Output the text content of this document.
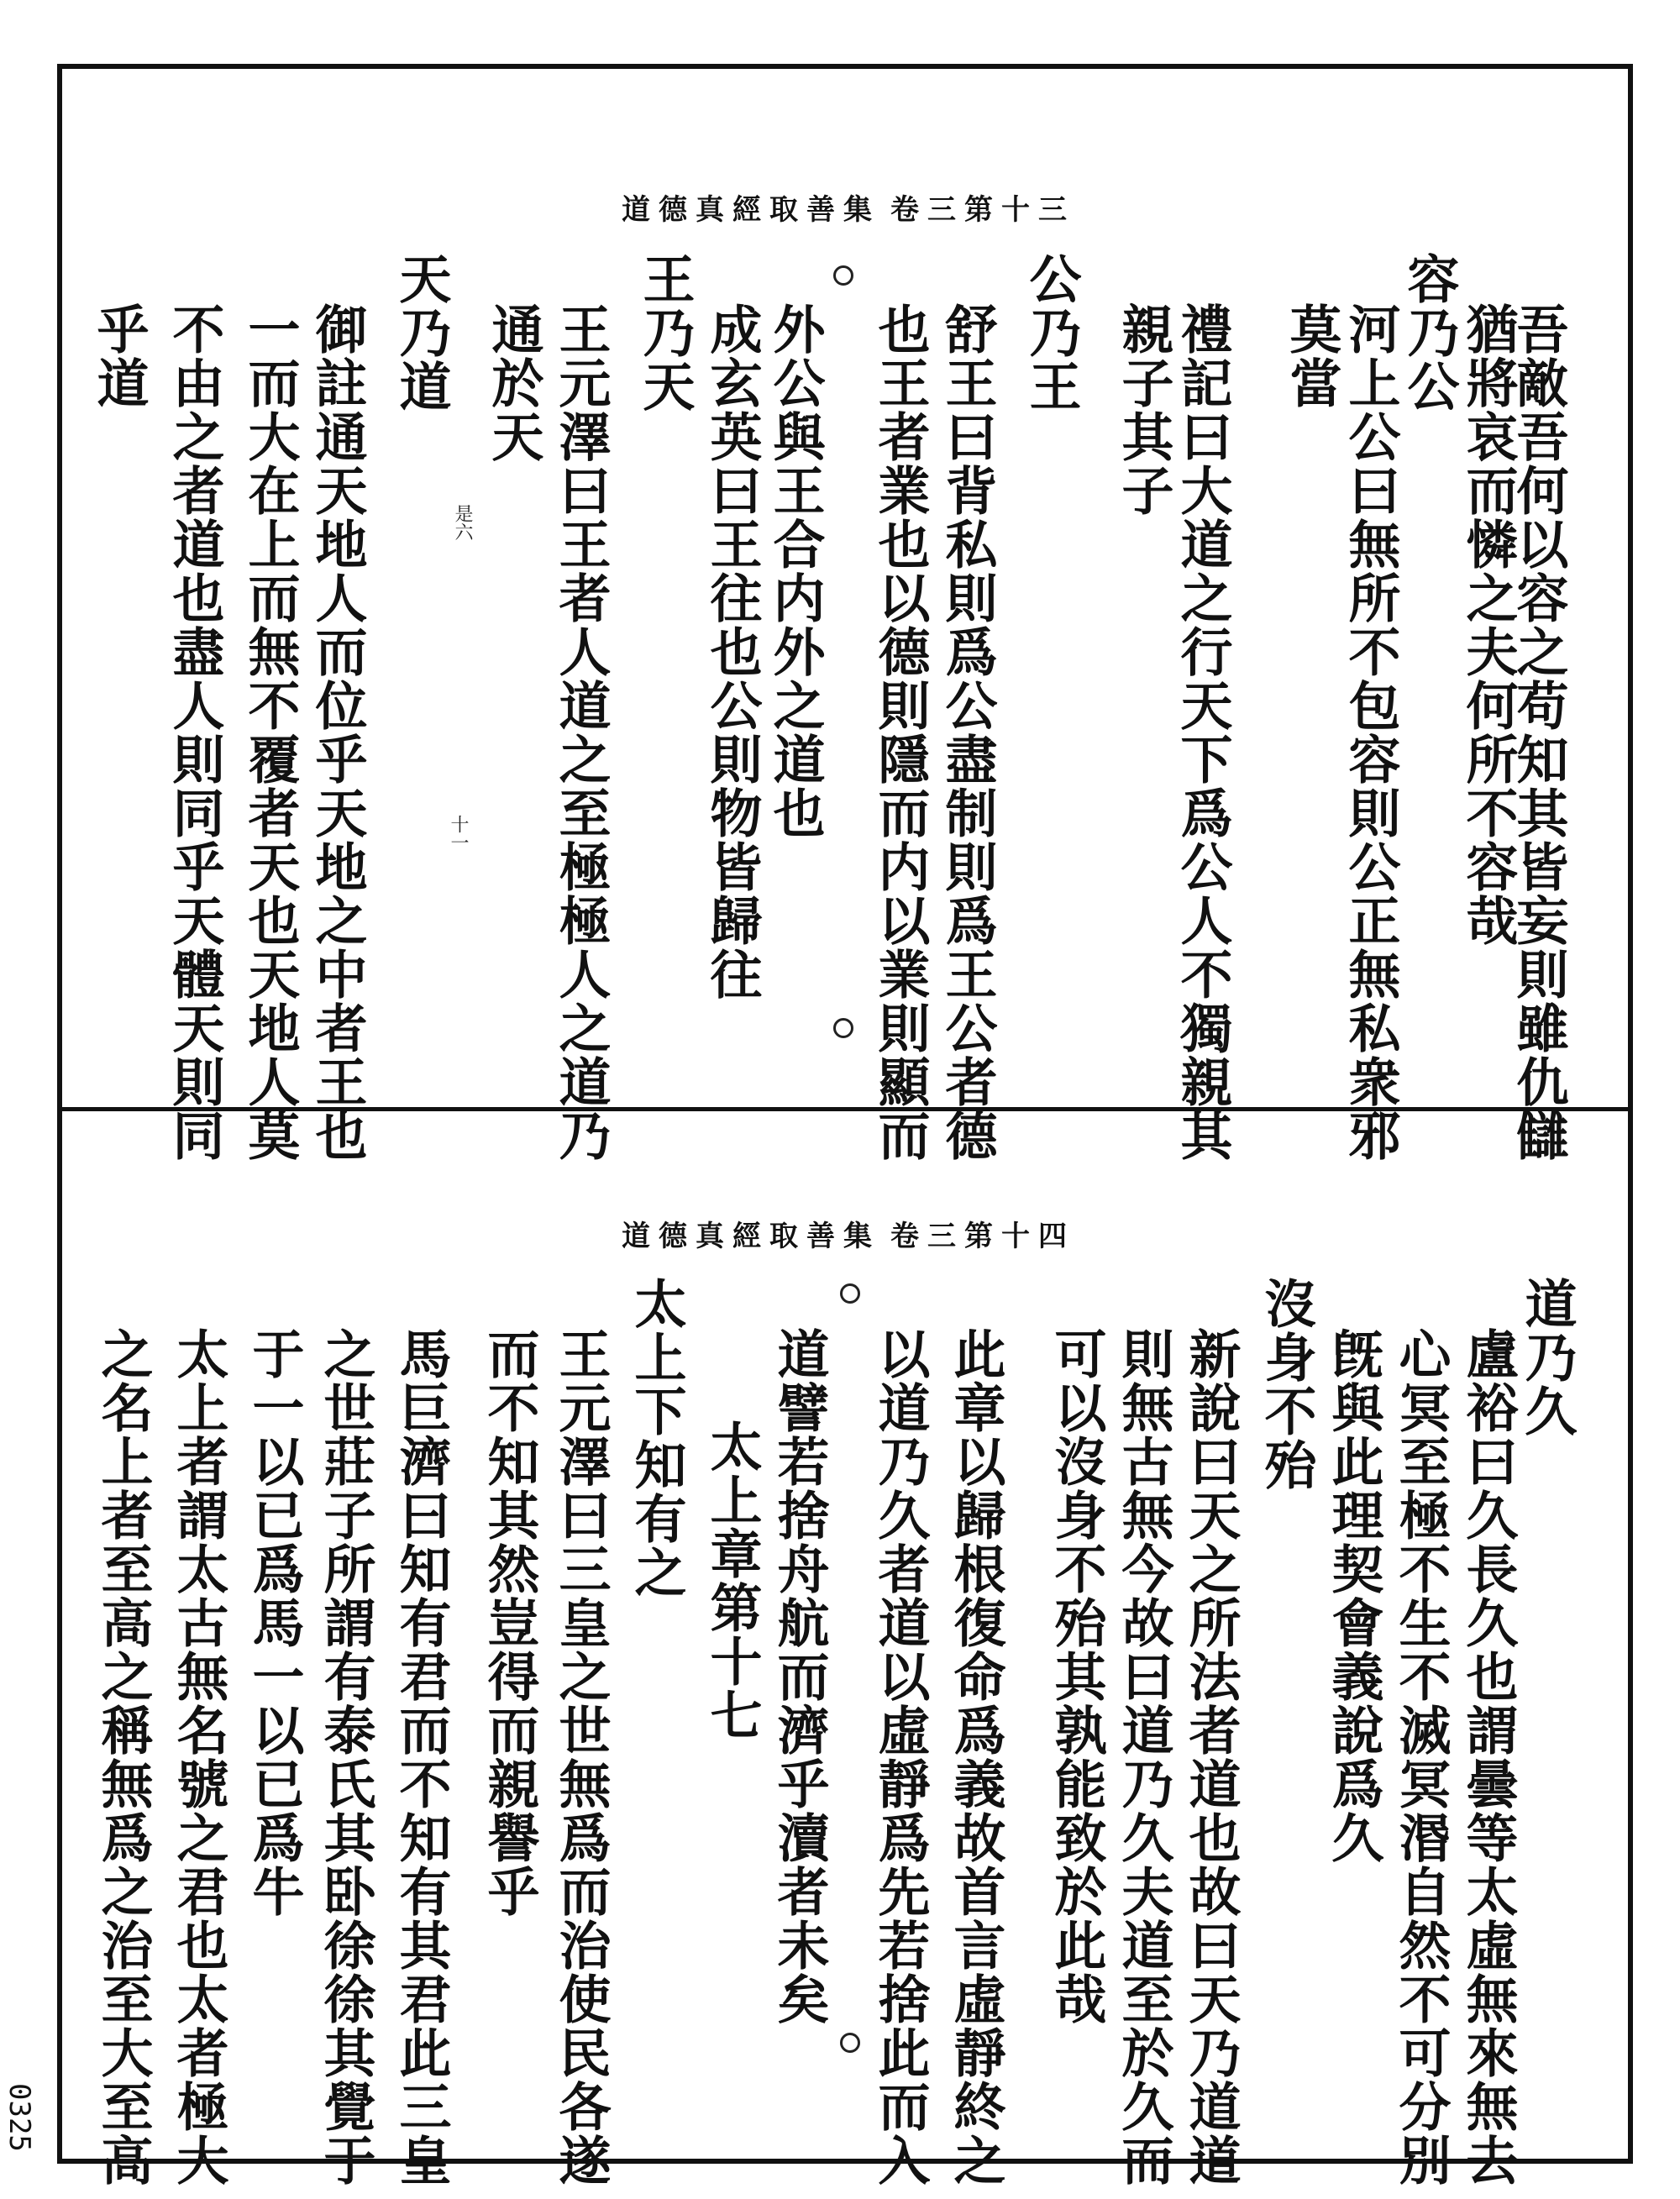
道德真經取善集 卷三第十三
吾敵吾何以容之苟知其皆妄則雖仇讎
猶將哀而憐之夫何所不容哉
容乃公
河上公曰無所不包容則公正無私衆邪
莫當
禮記曰大道之行天下爲公人不獨親其
親子其子
公乃王
舒王曰背私則爲公盡制則爲王公者德
也王者業也以德則隱而内以業則顯而
外公與王合内外之道也
成玄英曰王往也公則物皆歸往
王乃天
王元澤曰王者人道之至極極人之道乃
通於天
天乃道
御註通天地人而位乎天地之中者王也
一而大在上而無不覆者天也天地人莫
不由之者道也盡人則同乎天體天則同
乎道
是六
十一
道德真經取善集 卷三第十四
道乃久
盧裕曰久長久也謂曇等太虛無來無去
心冥至極不生不滅冥湣自然不可分別
旣與此理契會義說爲久
沒身不殆
新說曰天之所法者道也故曰天乃道道
則無古無今故曰道乃久夫道至於久而
可以沒身不殆其孰能致於此哉
此章以歸根復命爲義故首言虛靜終之
以道乃久者道以虛靜爲先若捨此而入
道譬若捨舟航而濟乎瀆者未矣
太上章第十七
太上下知有之
王元澤曰三皇之世無爲而治使民各遂
而不知其然豈得而親譽乎
馬巨濟曰知有君而不知有其君此三皇
之世莊子所謂有泰氏其卧徐徐其覺于
于一以已爲馬一以已爲牛
太上者謂太古無名號之君也太者極大
之名上者至高之稱無爲之治至大至高
0325
